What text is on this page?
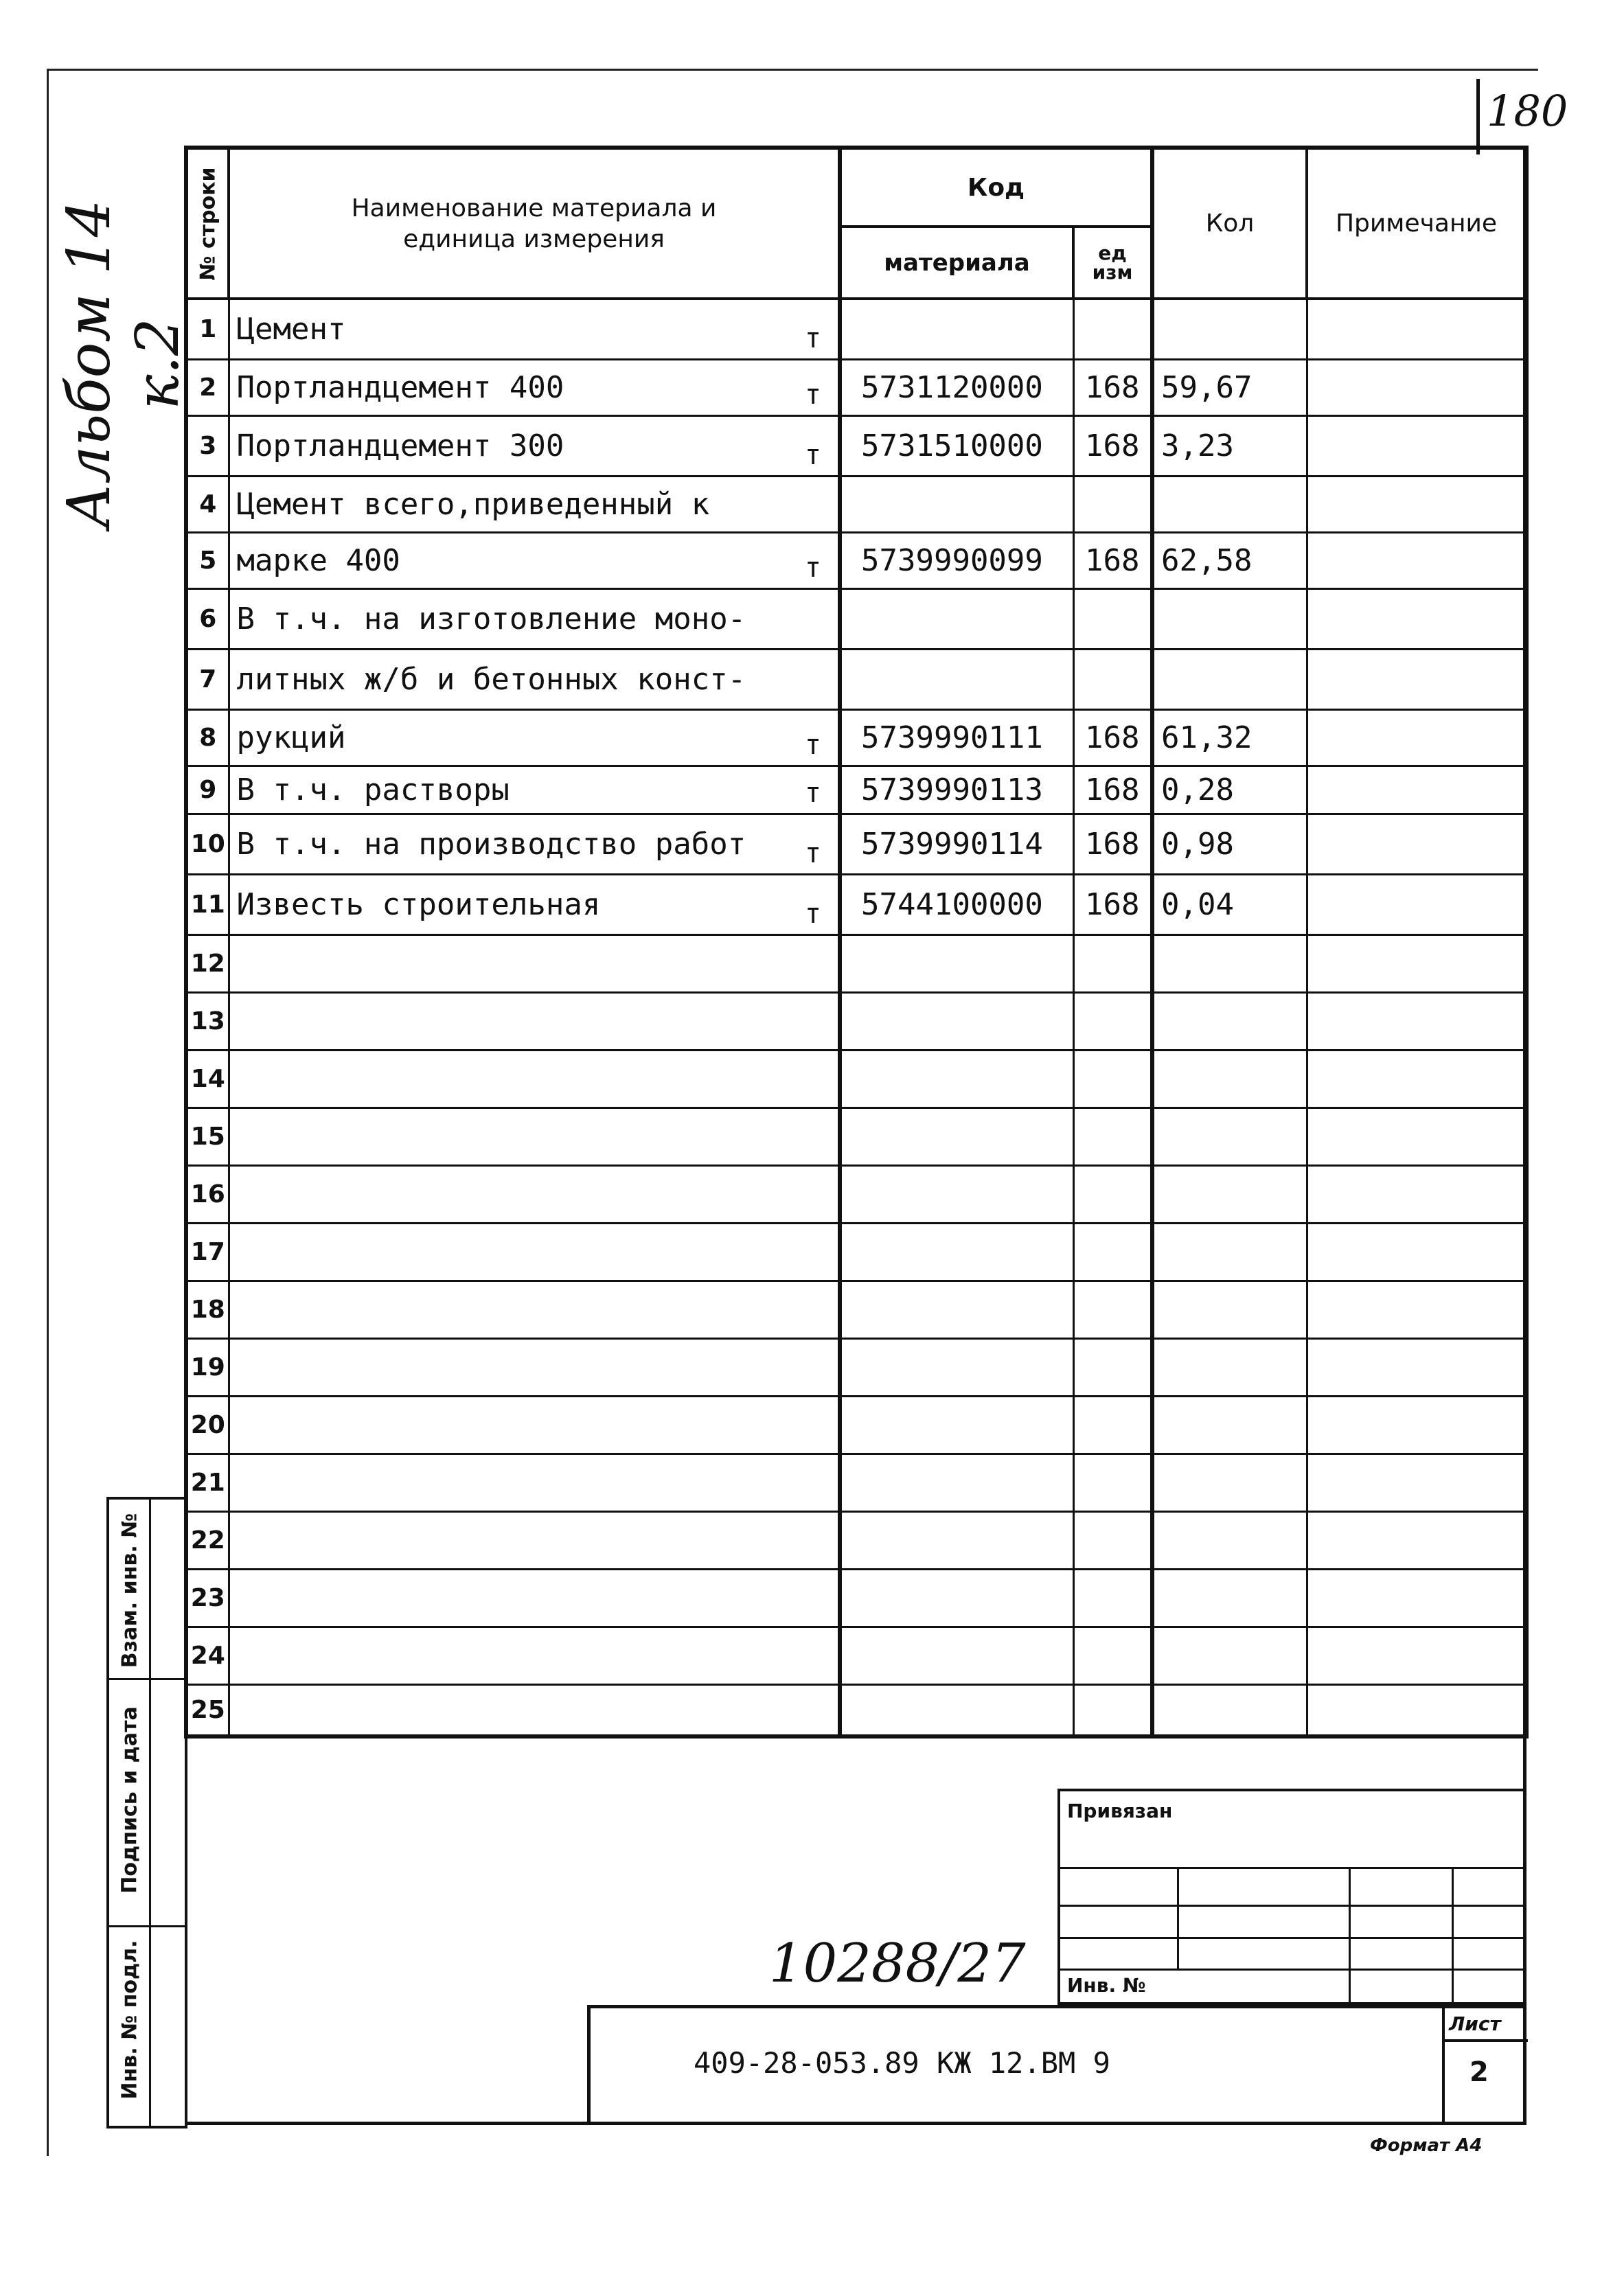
180
Альбом 14 к.2
№ строки	Наименование материала и единица измерения	Код		Кол	Примечание
		материала	ед изм		
1	Цемент т				

2	Портландцемент 400 т	5731120000	168	59,67	
3	Портландцемент 300 т	5731510000	168	3,23	
4	Цемент всего,приведенный к

5	марке 400 т	5739990099	168	62,58	
6	В т.ч. на изготовление моно-

7	литных ж/б и бетонных конст-

8	рукций т	5739990111	168	61,32	
9	В т.ч. растворы т	5739990113	168	0,28	
10	В т.ч. на производство работ т	5739990114	168	0,98	
11	Известь строительная т	5744100000	168	0,04	
12	

13	

14	

15	

16	

17	

18	

19	

20	

21	

22	

23	

24	

25	

Взам. инв. №
Подпись и дата
Инв. № подл.
Привязан
Инв. №
10288/27
409-28-053.89 КЖ 12.ВМ 9
Лист
2
Формат А4
